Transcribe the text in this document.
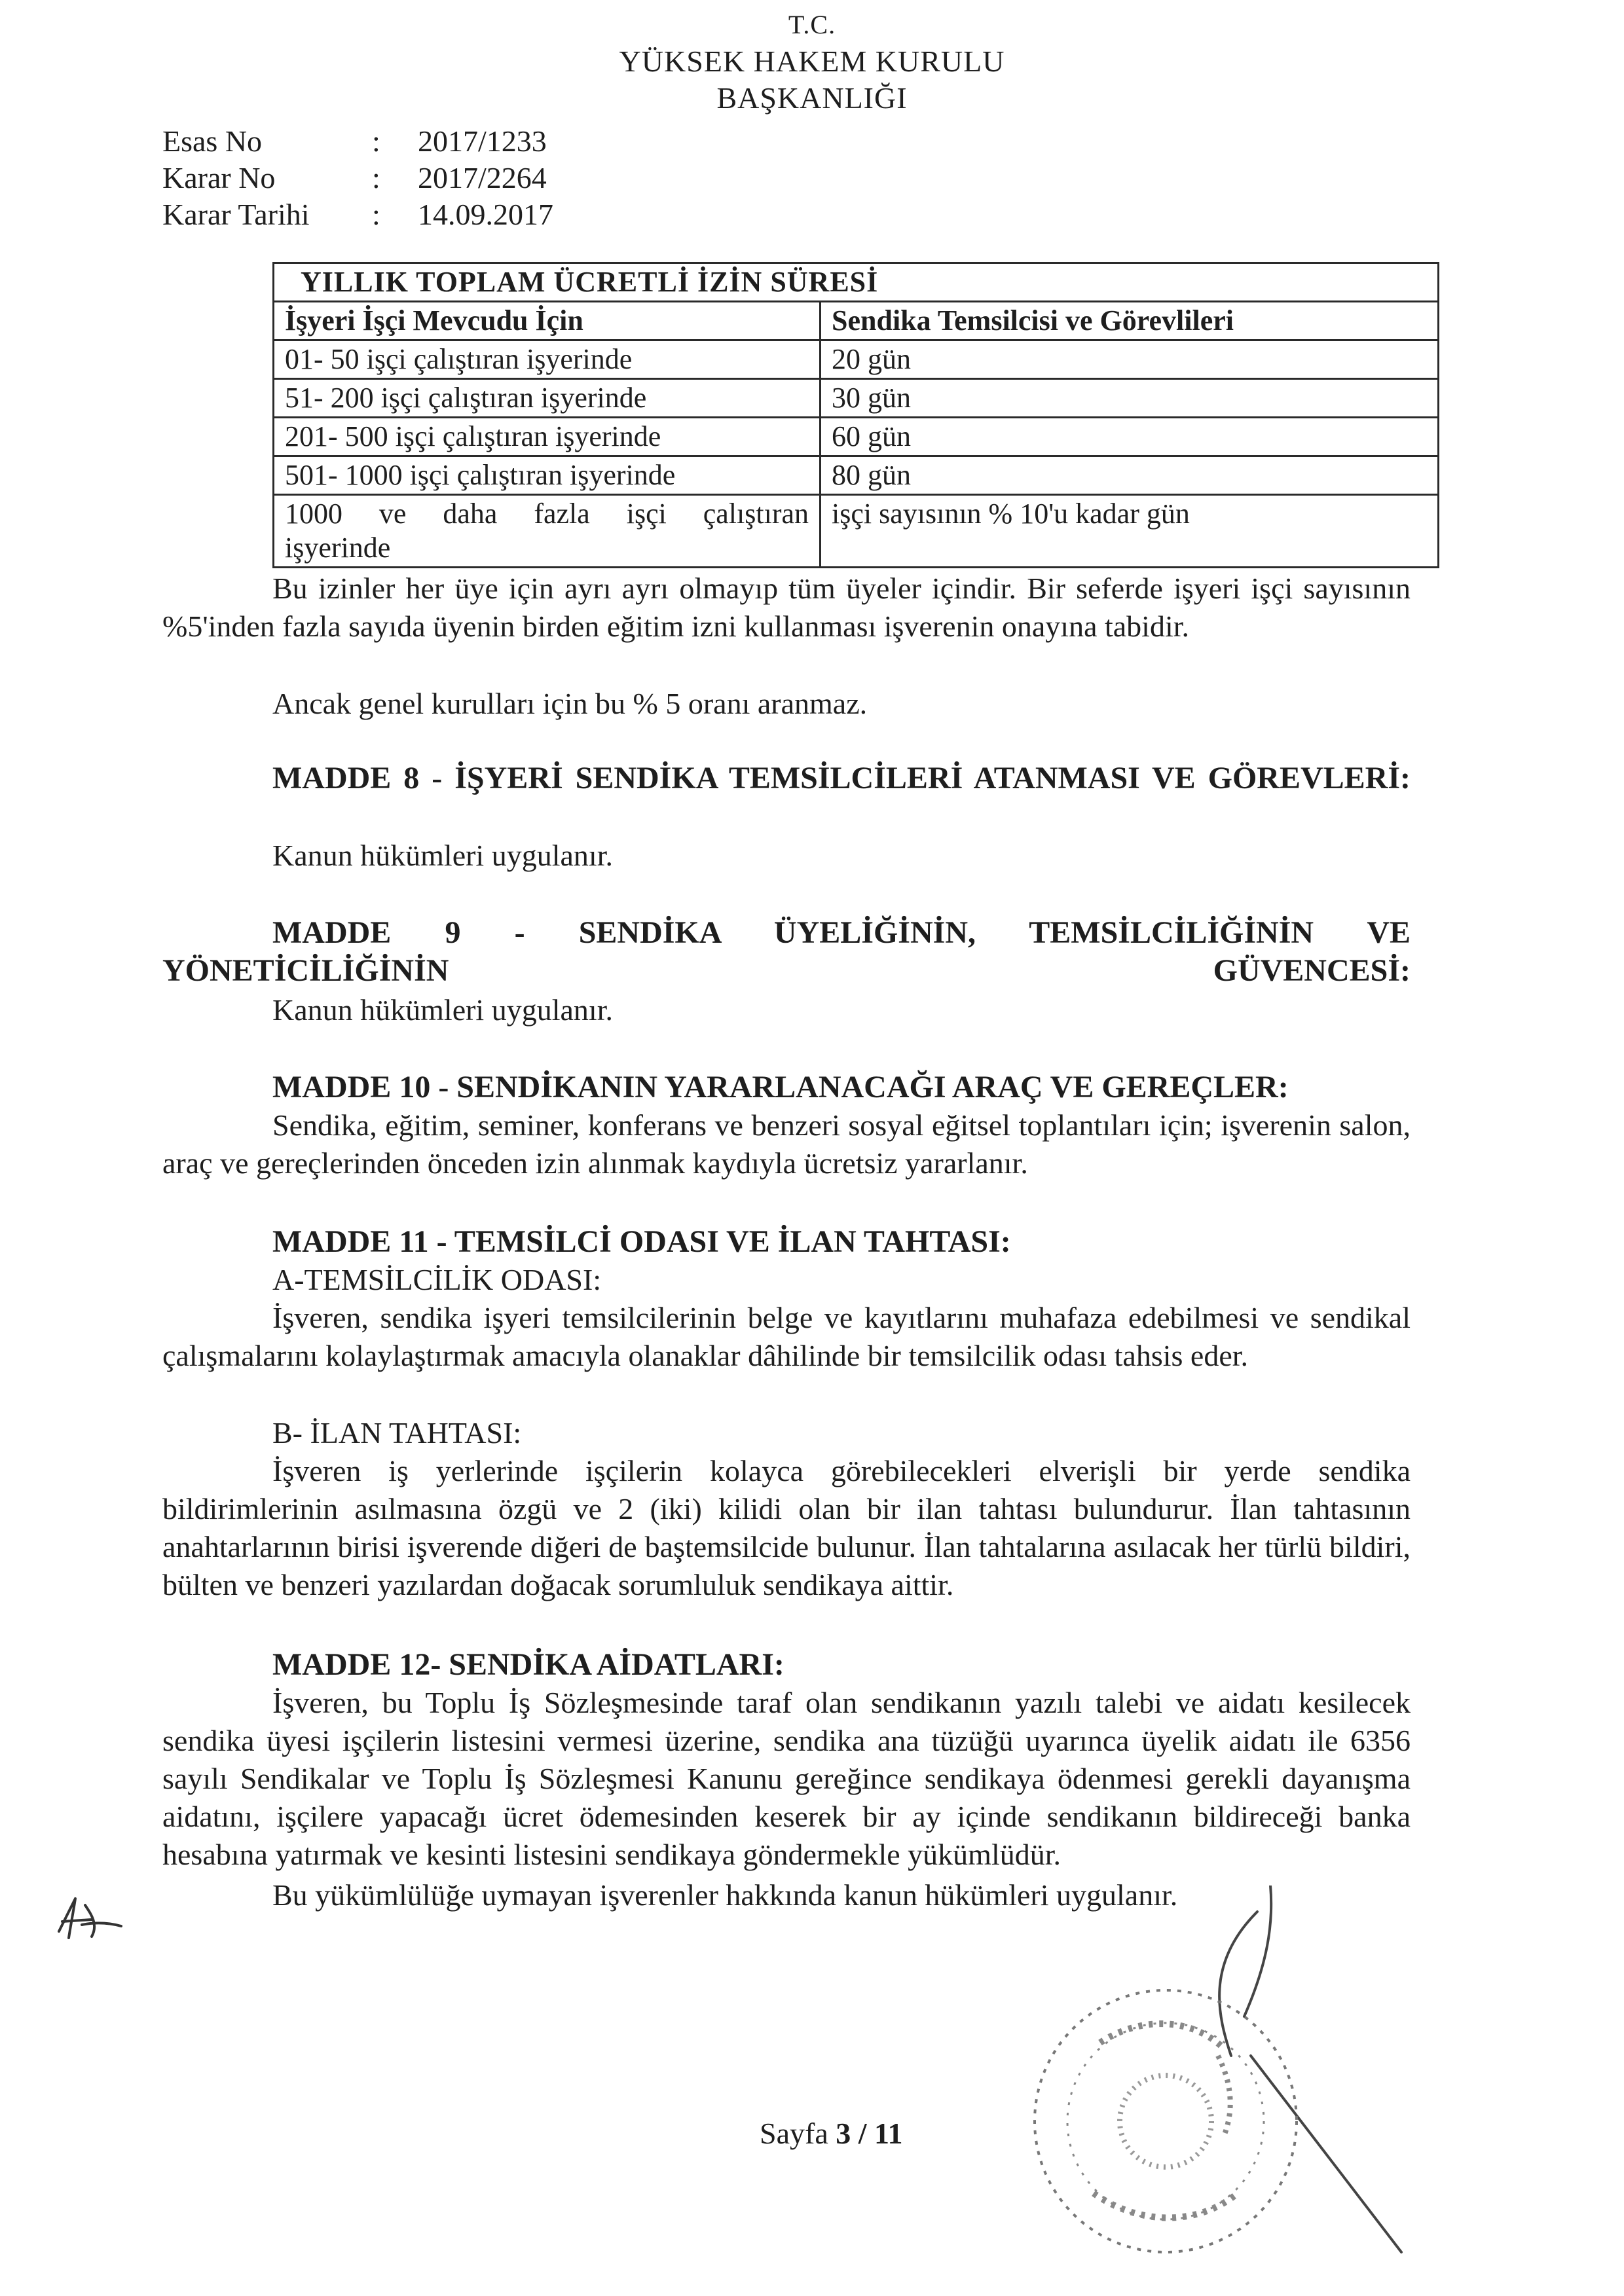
T.C.
YÜKSEK HAKEM KURULU
BAŞKANLIĞI
Esas No	: 2017/1233
Karar No	: 2017/2264
Karar Tarihi : 14.09.2017
YILLIK TOPLAM ÜCRETLİ İZİN SÜRESİ	
İşyeri İşçi Mevcudu İçin	Sendika Temsilcisi ve Görevlileri
01- 50 işçi çalıştıran işyerinde	20 gün
51- 200 işçi çalıştıran işyerinde	30 gün
201- 500 işçi çalıştıran işyerinde	60 gün
501- 1000 işçi çalıştıran işyerinde	80 gün

1000 ve daha fazla işçi çalıştıran
işyerinde	işçi sayısının % 10'u kadar gün
Bu izinler her üye için ayrı ayrı olmayıp tüm üyeler içindir. Bir seferde işyeri işçi sayısının %5'inden fazla sayıda üyenin birden eğitim izni kullanması işverenin onayına tabidir.
Ancak genel kurulları için bu % 5 oranı aranmaz.
MADDE 8 - İŞYERİ SENDİKA TEMSİLCİLERİ ATANMASI VE GÖREVLERİ:
Kanun hükümleri uygulanır.
MADDE 9 - SENDİKA ÜYELİĞİNİN, TEMSİLCİLİĞİNİN VE YÖNETİCİLİĞİNİN GÜVENCESİ:
Kanun hükümleri uygulanır.
MADDE 10 - SENDİKANIN YARARLANACAĞI ARAÇ VE GEREÇLER:
Sendika, eğitim, seminer, konferans ve benzeri sosyal eğitsel toplantıları için; işverenin salon, araç ve gereçlerinden önceden izin alınmak kaydıyla ücretsiz yararlanır.
MADDE 11 - TEMSİLCİ ODASI VE İLAN TAHTASI:
A-TEMSİLCİLİK ODASI:
İşveren, sendika işyeri temsilcilerinin belge ve kayıtlarını muhafaza edebilmesi ve sendikal çalışmalarını kolaylaştırmak amacıyla olanaklar dâhilinde bir temsilcilik odası tahsis eder.
B- İLAN TAHTASI:
İşveren iş yerlerinde işçilerin kolayca görebilecekleri elverişli bir yerde sendika bildirimlerinin asılmasına özgü ve 2 (iki) kilidi olan bir ilan tahtası bulundurur. İlan tahtasının anahtarlarının birisi işverende diğeri de baştemsilcide bulunur. İlan tahtalarına asılacak her türlü bildiri, bülten ve benzeri yazılardan doğacak sorumluluk sendikaya aittir.
MADDE 12- SENDİKA AİDATLARI:
İşveren, bu Toplu İş Sözleşmesinde taraf olan sendikanın yazılı talebi ve aidatı kesilecek sendika üyesi işçilerin listesini vermesi üzerine, sendika ana tüzüğü uyarınca üyelik aidatı ile 6356 sayılı Sendikalar ve Toplu İş Sözleşmesi Kanunu gereğince sendikaya ödenmesi gerekli dayanışma aidatını, işçilere yapacağı ücret ödemesinden keserek bir ay içinde sendikanın bildireceği banka hesabına yatırmak ve kesinti listesini sendikaya göndermekle yükümlüdür.
Bu yükümlülüğe uymayan işverenler hakkında kanun hükümleri uygulanır.
Sayfa 3 / 11
